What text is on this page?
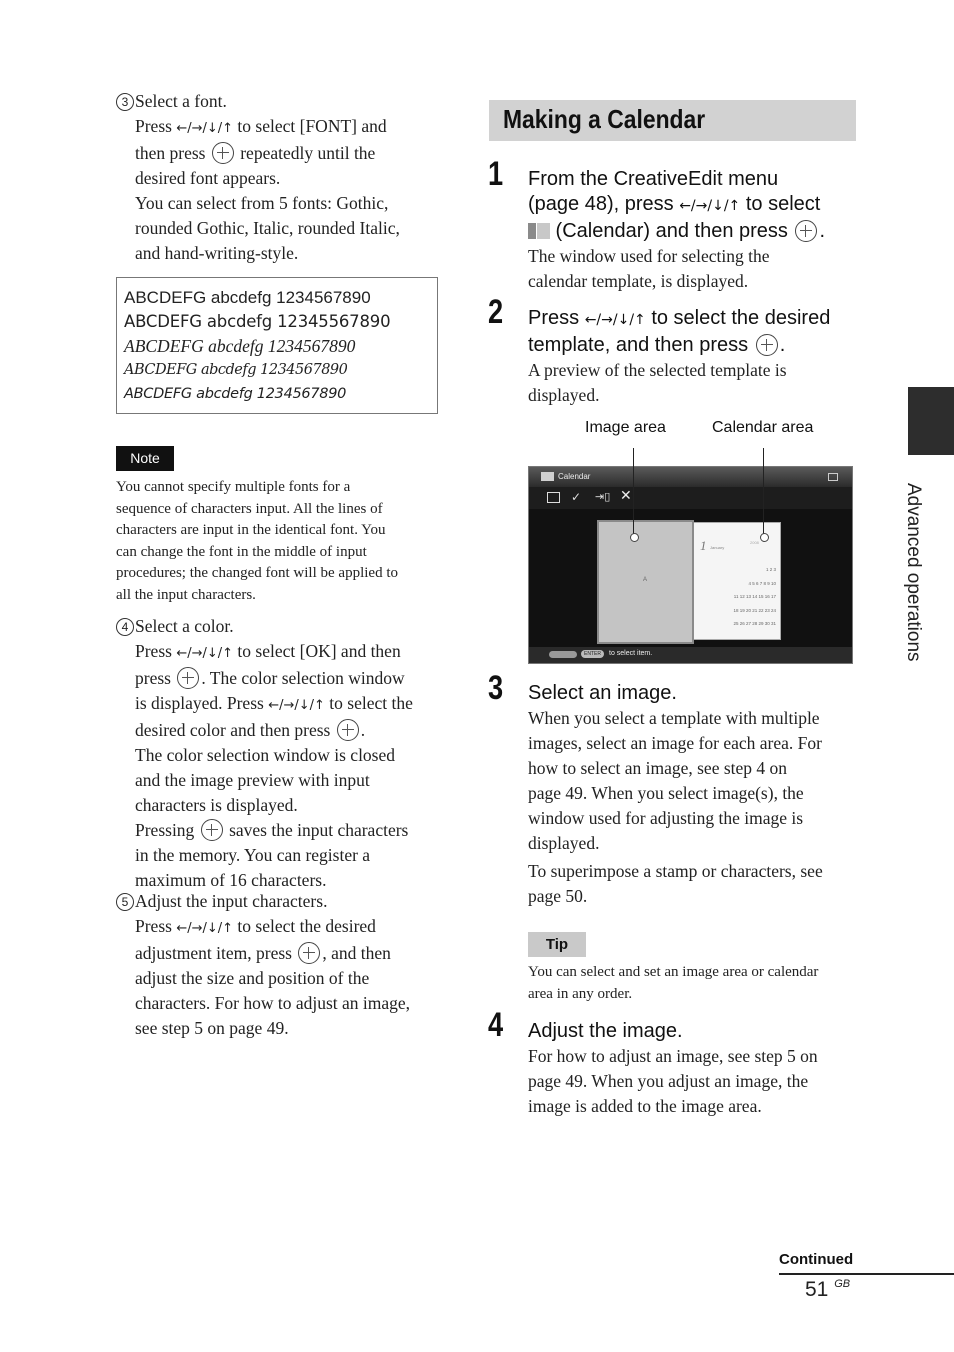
3 Select a font.
Press ←/→/↓/↑ to select [FONT] and
then press  repeatedly until the
desired font appears.
You can select from 5 fonts: Gothic,
rounded Gothic, Italic, rounded Italic,
and hand-writing-style.
ABCDEFG abcdefg 1234567890
ABCDEFG abcdefg 12345567890
ABCDEFG abcdefg 1234567890
ABCDEFG abcdefg 1234567890
ABCDEFG abcdefg 1234567890
Note
You cannot specify multiple fonts for a
sequence of characters input. All the lines of
characters are input in the identical font. You
can change the font in the middle of input
procedures; the changed font will be applied to
all the input characters.
4 Select a color.
Press ←/→/↓/↑ to select [OK] and then
press . The color selection window
is displayed. Press ←/→/↓/↑ to select the
desired color and then press .
The color selection window is closed
and the image preview with input
characters is displayed.
Pressing  saves the input characters
in the memory. You can register a
maximum of 16 characters.
5 Adjust the input characters.
Press ←/→/↓/↑ to select the desired
adjustment item, press , and then
adjust the size and position of the
characters. For how to adjust an image,
see step 5 on page 49.
Making a Calendar
1 From the CreativeEdit menu
(page 48), press ←/→/↓/↑ to select
(Calendar) and then press .
The window used for selecting the
calendar template, is displayed.
2 Press ←/→/↓/↑ to select the desired
template, and then press .
A preview of the selected template is
displayed.
Image area	Calendar area
Calendar
✓ ⇥▯ ✕
1 January
2008
1 2 3
4 5 6 7 8 9 10
11 12 13 14 15 16 17
18 19 20 21 22 23 24
25 26 27 28 29 30 31
A
ENTER	to select item.
3 Select an image.
When you select a template with multiple
images, select an image for each area. For
how to select an image, see step 4 on
page 49. When you select image(s), the
window used for adjusting the image is
displayed.
To superimpose a stamp or characters, see
page 50.
Tip
You can select and set an image area or calendar
area in any order.
4 Adjust the image.
For how to adjust an image, see step 5 on
page 49. When you adjust an image, the
image is added to the image area.
Advanced operations
Continued
51 $^{GB}$
